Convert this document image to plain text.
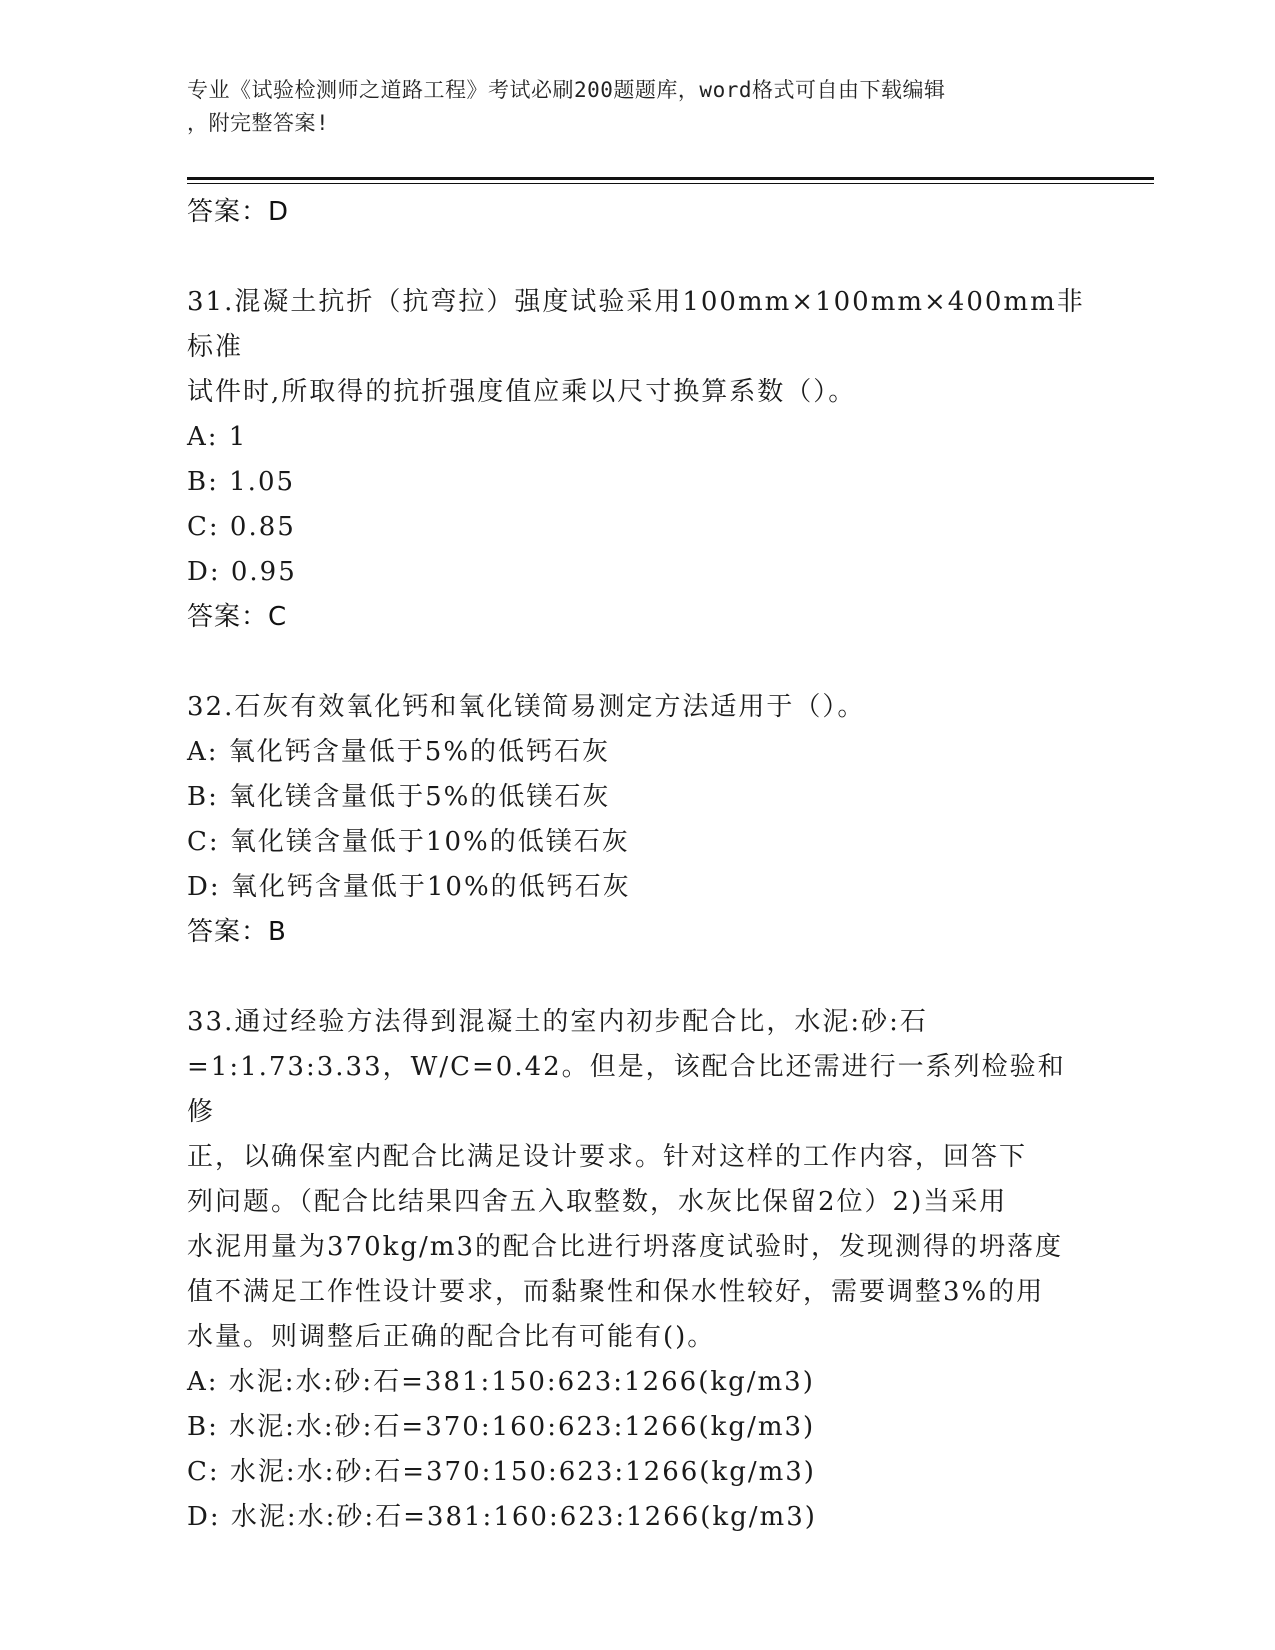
专业《试验检测师之道路工程》考试必刷200题题库，word格式可自由下载编辑
，附完整答案!
答案：D
31.混凝土抗折（抗弯拉）强度试验采用100mm×100mm×400mm非标准
试件时,所取得的抗折强度值应乘以尺寸换算系数（）。
A: 1
B: 1.05
C: 0.85
D: 0.95
答案：C
32.石灰有效氧化钙和氧化镁简易测定方法适用于（）。
A: 氧化钙含量低于5%的低钙石灰
B: 氧化镁含量低于5%的低镁石灰
C: 氧化镁含量低于10%的低镁石灰
D: 氧化钙含量低于10%的低钙石灰
答案：B
33.通过经验方法得到混凝土的室内初步配合比，水泥:砂:石
=1:1.73:3.33，W/C=0.42。但是，该配合比还需进行一系列检验和修
正，以确保室内配合比满足设计要求。针对这样的工作内容，回答下
列问题。（配合比结果四舍五入取整数，水灰比保留2位）2)当采用
水泥用量为370kg/m3的配合比进行坍落度试验时，发现测得的坍落度
值不满足工作性设计要求，而黏聚性和保水性较好，需要调整3%的用
水量。则调整后正确的配合比有可能有()。
A: 水泥:水:砂:石=381:150:623:1266(kg/m3)
B: 水泥:水:砂:石=370:160:623:1266(kg/m3)
C: 水泥:水:砂:石=370:150:623:1266(kg/m3)
D: 水泥:水:砂:石=381:160:623:1266(kg/m3)
